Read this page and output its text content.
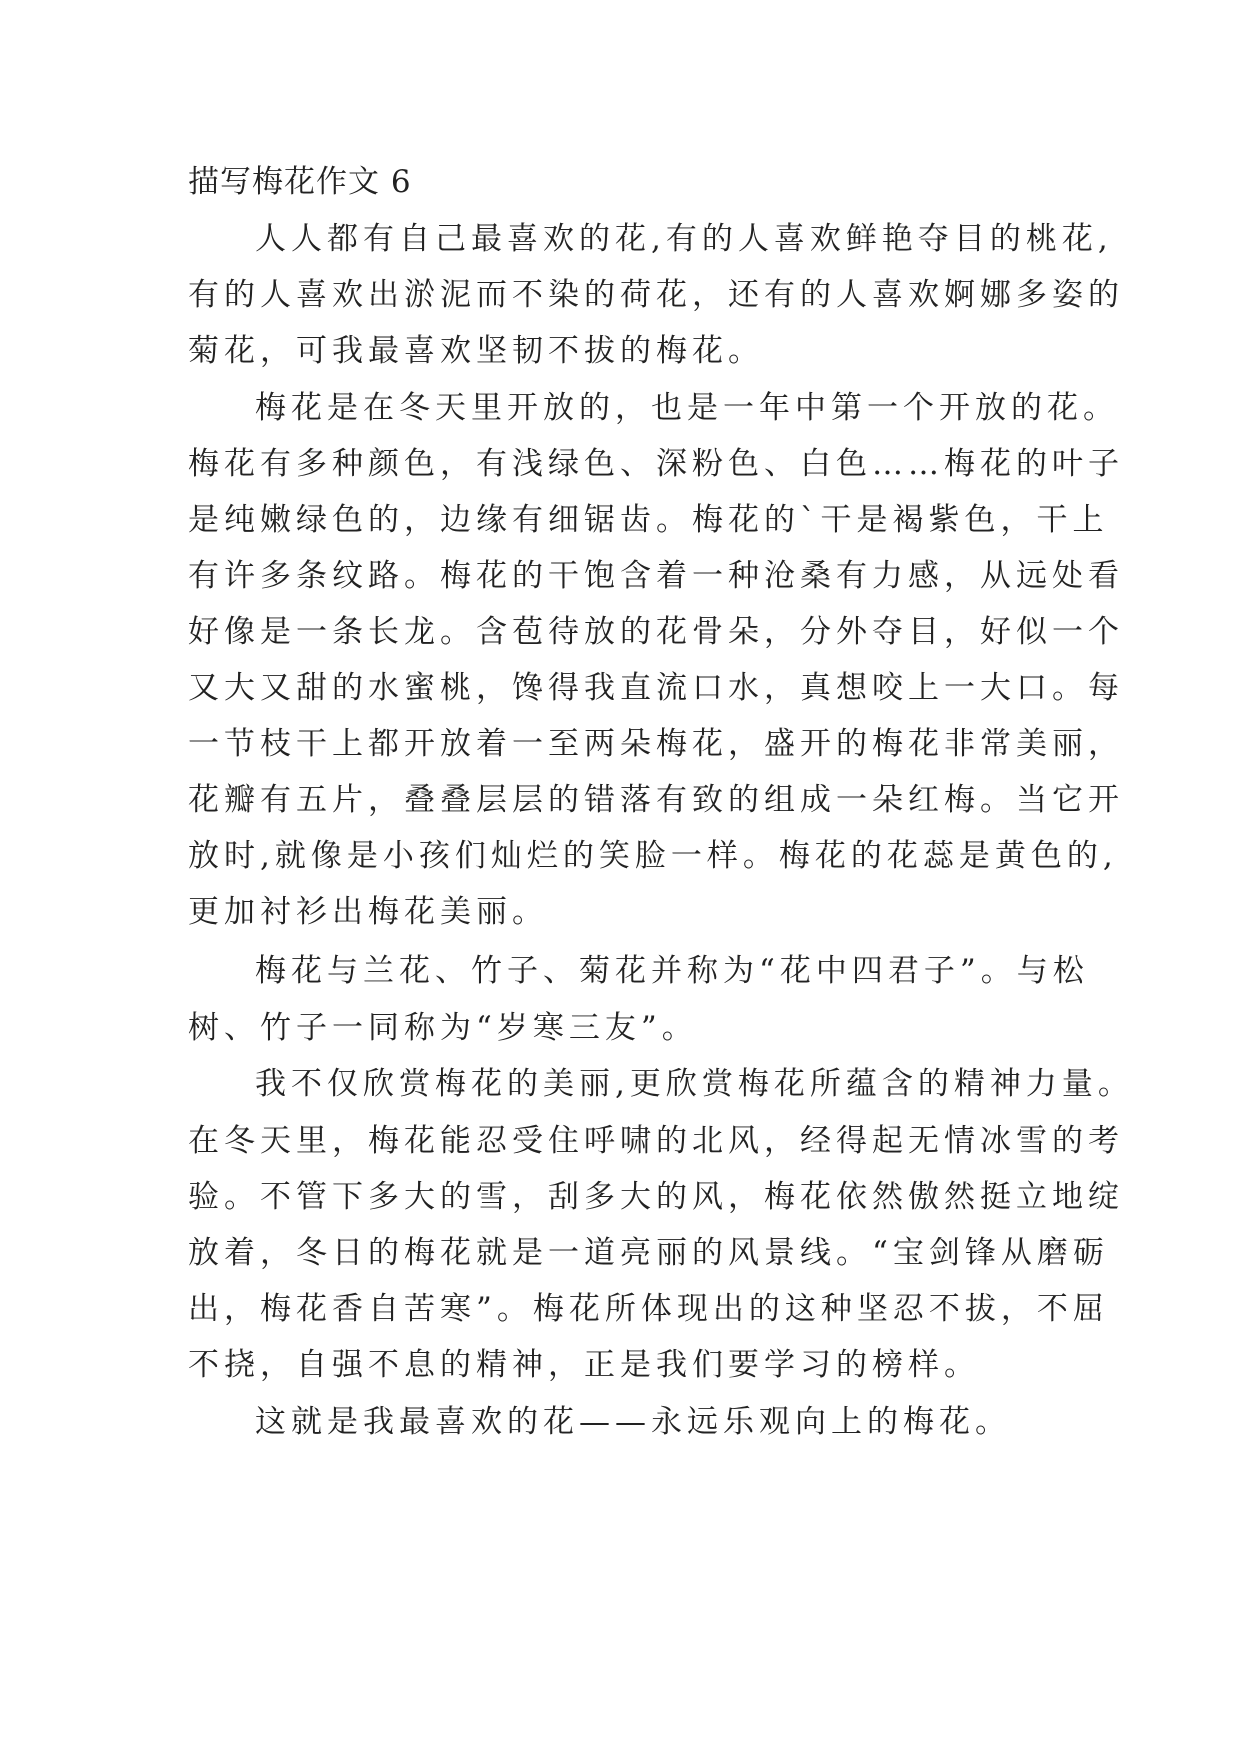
描写梅花作文 6
人人都有自己最喜欢的花,有的人喜欢鲜艳夺目的桃花,
有的人喜欢出淤泥而不染的荷花，还有的人喜欢婀娜多姿的
菊花，可我最喜欢坚韧不拔的梅花。
梅花是在冬天里开放的，也是一年中第一个开放的花。
梅花有多种颜色，有浅绿色、深粉色、白色……梅花的叶子
是纯嫩绿色的，边缘有细锯齿。梅花的`干是褐紫色，干上
有许多条纹路。梅花的干饱含着一种沧桑有力感，从远处看
好像是一条长龙。含苞待放的花骨朵，分外夺目，好似一个
又大又甜的水蜜桃，馋得我直流口水，真想咬上一大口。每
一节枝干上都开放着一至两朵梅花，盛开的梅花非常美丽，
花瓣有五片，叠叠层层的错落有致的组成一朵红梅。当它开
放时,就像是小孩们灿烂的笑脸一样。梅花的花蕊是黄色的,
更加衬衫出梅花美丽。
梅花与兰花、竹子、菊花并称为“花中四君子”。与松
树、竹子一同称为“岁寒三友”。
我不仅欣赏梅花的美丽,更欣赏梅花所蕴含的精神力量。
在冬天里，梅花能忍受住呼啸的北风，经得起无情冰雪的考
验。不管下多大的雪，刮多大的风，梅花依然傲然挺立地绽
放着，冬日的梅花就是一道亮丽的风景线。“宝剑锋从磨砺
出，梅花香自苦寒”。梅花所体现出的这种坚忍不拔，不屈
不挠，自强不息的精神，正是我们要学习的榜样。
这就是我最喜欢的花——永远乐观向上的梅花。
